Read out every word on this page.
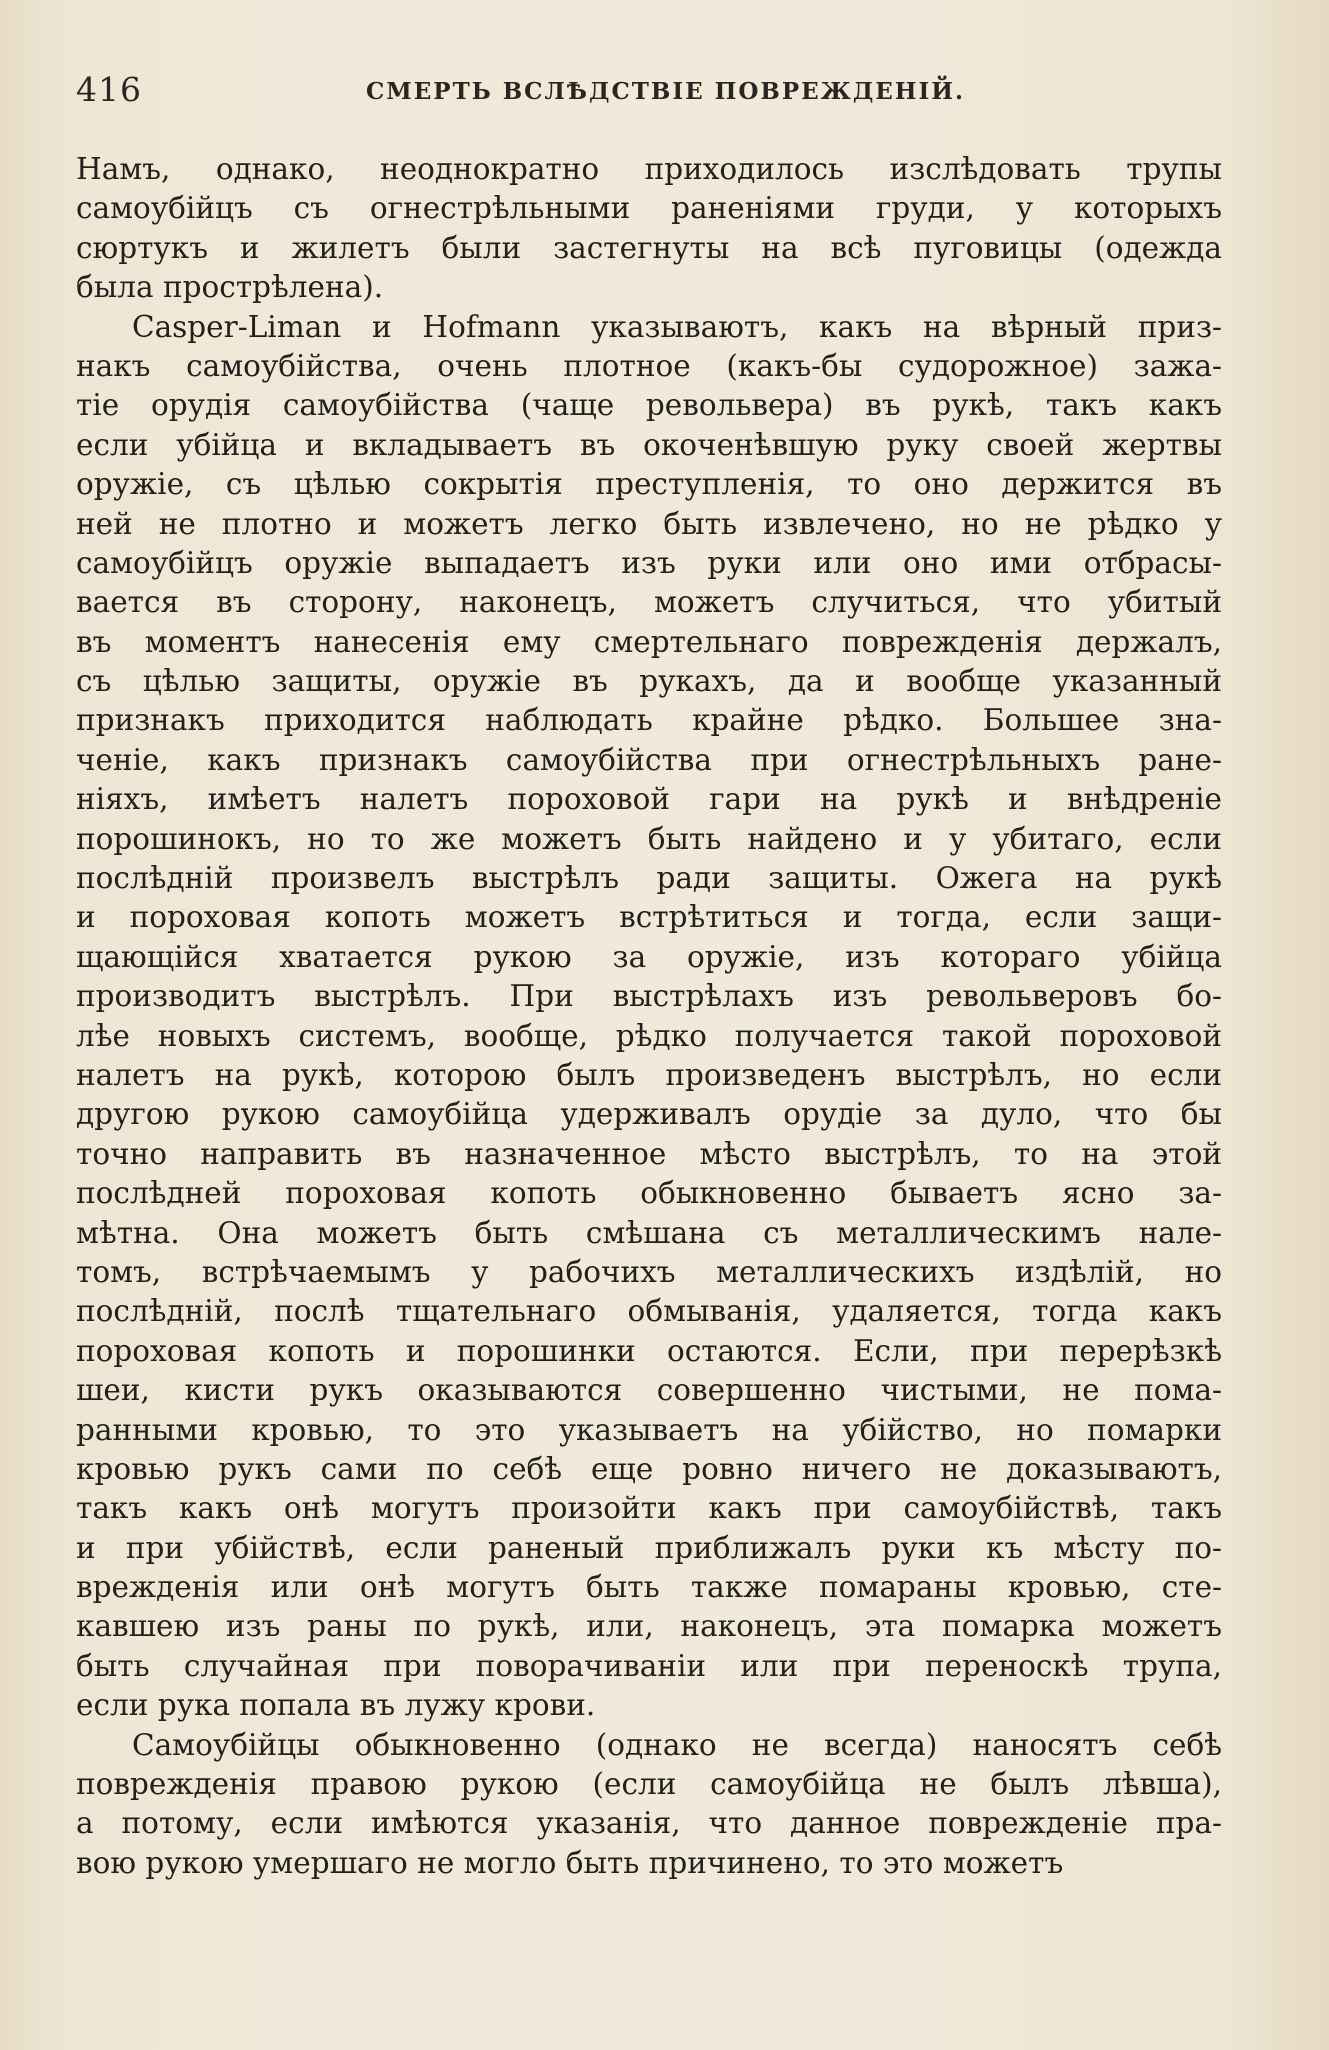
416	СМЕРТЬ ВСЛѢДСТВІЕ ПОВРЕЖДЕНІЙ.
Намъ, однако, неоднократно приходилось изслѣдовать трупы
самоубійцъ съ огнестрѣльными раненіями груди, у которыхъ
сюртукъ и жилетъ были застегнуты на всѣ пуговицы (одежда
была прострѣлена).
Casper-Liman и Hofmann указываютъ, какъ на вѣрный приз-
накъ самоубійства, очень плотное (какъ-бы судорожное) зажа-
тіе орудія самоубійства (чаще револьвера) въ рукѣ, такъ какъ
если убійца и вкладываетъ въ окоченѣвшую руку своей жертвы
оружіе, съ цѣлью сокрытія преступленія, то оно держится въ
ней не плотно и можетъ легко быть извлечено, но не рѣдко у
самоубійцъ оружіе выпадаетъ изъ руки или оно ими отбрасы-
вается въ сторону, наконецъ, можетъ случиться, что убитый
въ моментъ нанесенія ему смертельнаго поврежденія держалъ,
съ цѣлью защиты, оружіе въ рукахъ, да и вообще указанный
признакъ приходится наблюдать крайне рѣдко. Большее зна-
ченіе, какъ признакъ самоубійства при огнестрѣльныхъ ране-
ніяхъ, имѣетъ налетъ пороховой гари на рукѣ и внѣдреніе
порошинокъ, но то же можетъ быть найдено и у убитаго, если
послѣдній произвелъ выстрѣлъ ради защиты. Ожега на рукѣ
и пороховая копоть можетъ встрѣтиться и тогда, если защи-
щающійся хватается рукою за оружіе, изъ котораго убійца
производитъ выстрѣлъ. При выстрѣлахъ изъ револьверовъ бо-
лѣе новыхъ системъ, вообще, рѣдко получается такой пороховой
налетъ на рукѣ, которою былъ произведенъ выстрѣлъ, но если
другою рукою самоубійца удерживалъ орудіе за дуло, что бы
точно направить въ назначенное мѣсто выстрѣлъ, то на этой
послѣдней пороховая копоть обыкновенно бываетъ ясно за-
мѣтна. Она можетъ быть смѣшана съ металлическимъ нале-
томъ, встрѣчаемымъ у рабочихъ металлическихъ издѣлій, но
послѣдній, послѣ тщательнаго обмыванія, удаляется, тогда какъ
пороховая копоть и порошинки остаются. Если, при перерѣзкѣ
шеи, кисти рукъ оказываются совершенно чистыми, не пома-
ранными кровью, то это указываетъ на убійство, но помарки
кровью рукъ сами по себѣ еще ровно ничего не доказываютъ,
такъ какъ онѣ могутъ произойти какъ при самоубійствѣ, такъ
и при убійствѣ, если раненый приближалъ руки къ мѣсту по-
врежденія или онѣ могутъ быть также помараны кровью, сте-
кавшею изъ раны по рукѣ, или, наконецъ, эта помарка можетъ
быть случайная при поворачиваніи или при переноскѣ трупа,
если рука попала въ лужу крови.
Самоубійцы обыкновенно (однако не всегда) наносятъ себѣ
поврежденія правою рукою (если самоубійца не былъ лѣвша),
а потому, если имѣются указанія, что данное поврежденіе пра-
вою рукою умершаго не могло быть причинено, то это можетъ
